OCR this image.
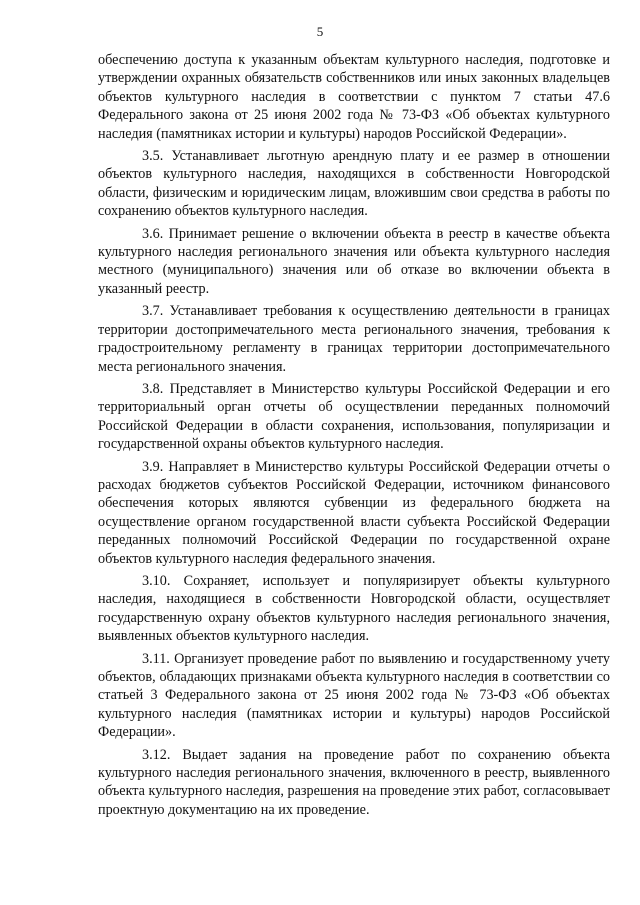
5

обеспечению доступа к указанным объектам культурного наследия, подготовке и утверждении охранных обязательств собственников или иных законных владельцев объектов культурного наследия в соответствии с пунктом 7 статьи 47.6 Федерального закона от 25 июня 2002 года № 73-ФЗ «Об объектах культурного наследия (памятниках истории и культуры) народов Российской Федерации».

3.5. Устанавливает льготную арендную плату и ее размер в отношении объектов культурного наследия, находящихся в собственности Новгородской области, физическим и юридическим лицам, вложившим свои средства в работы по сохранению объектов культурного наследия.

3.6. Принимает решение о включении объекта в реестр в качестве объекта культурного наследия регионального значения или объекта культурного наследия местного (муниципального) значения или об отказе во включении объекта в указанный реестр.

3.7. Устанавливает требования к осуществлению деятельности в границах территории достопримечательного места регионального значения, требования к градостроительному регламенту в границах территории достопримечательного места регионального значения.

3.8. Представляет в Министерство культуры Российской Федерации и его территориальный орган отчеты об осуществлении переданных полномочий Российской Федерации в области сохранения, использования, популяризации и государственной охраны объектов культурного наследия.

3.9. Направляет в Министерство культуры Российской Федерации отчеты о расходах бюджетов субъектов Российской Федерации, источником финансового обеспечения которых являются субвенции из федерального бюджета на осуществление органом государственной власти субъекта Российской Федерации переданных полномочий Российской Федерации по государственной охране объектов культурного наследия федерального значения.

3.10. Сохраняет, использует и популяризирует объекты культурного наследия, находящиеся в собственности Новгородской области, осуществляет государственную охрану объектов культурного наследия регионального значения, выявленных объектов культурного наследия.

3.11. Организует проведение работ по выявлению и государственному учету объектов, обладающих признаками объекта культурного наследия в соответствии со статьей 3 Федерального закона от 25 июня 2002 года № 73-ФЗ «Об объектах культурного наследия (памятниках истории и культуры) народов Российской Федерации».

3.12. Выдает задания на проведение работ по сохранению объекта культурного наследия регионального значения, включенного в реестр, выявленного объекта культурного наследия, разрешения на проведение этих работ, согласовывает проектную документацию на их проведение.
